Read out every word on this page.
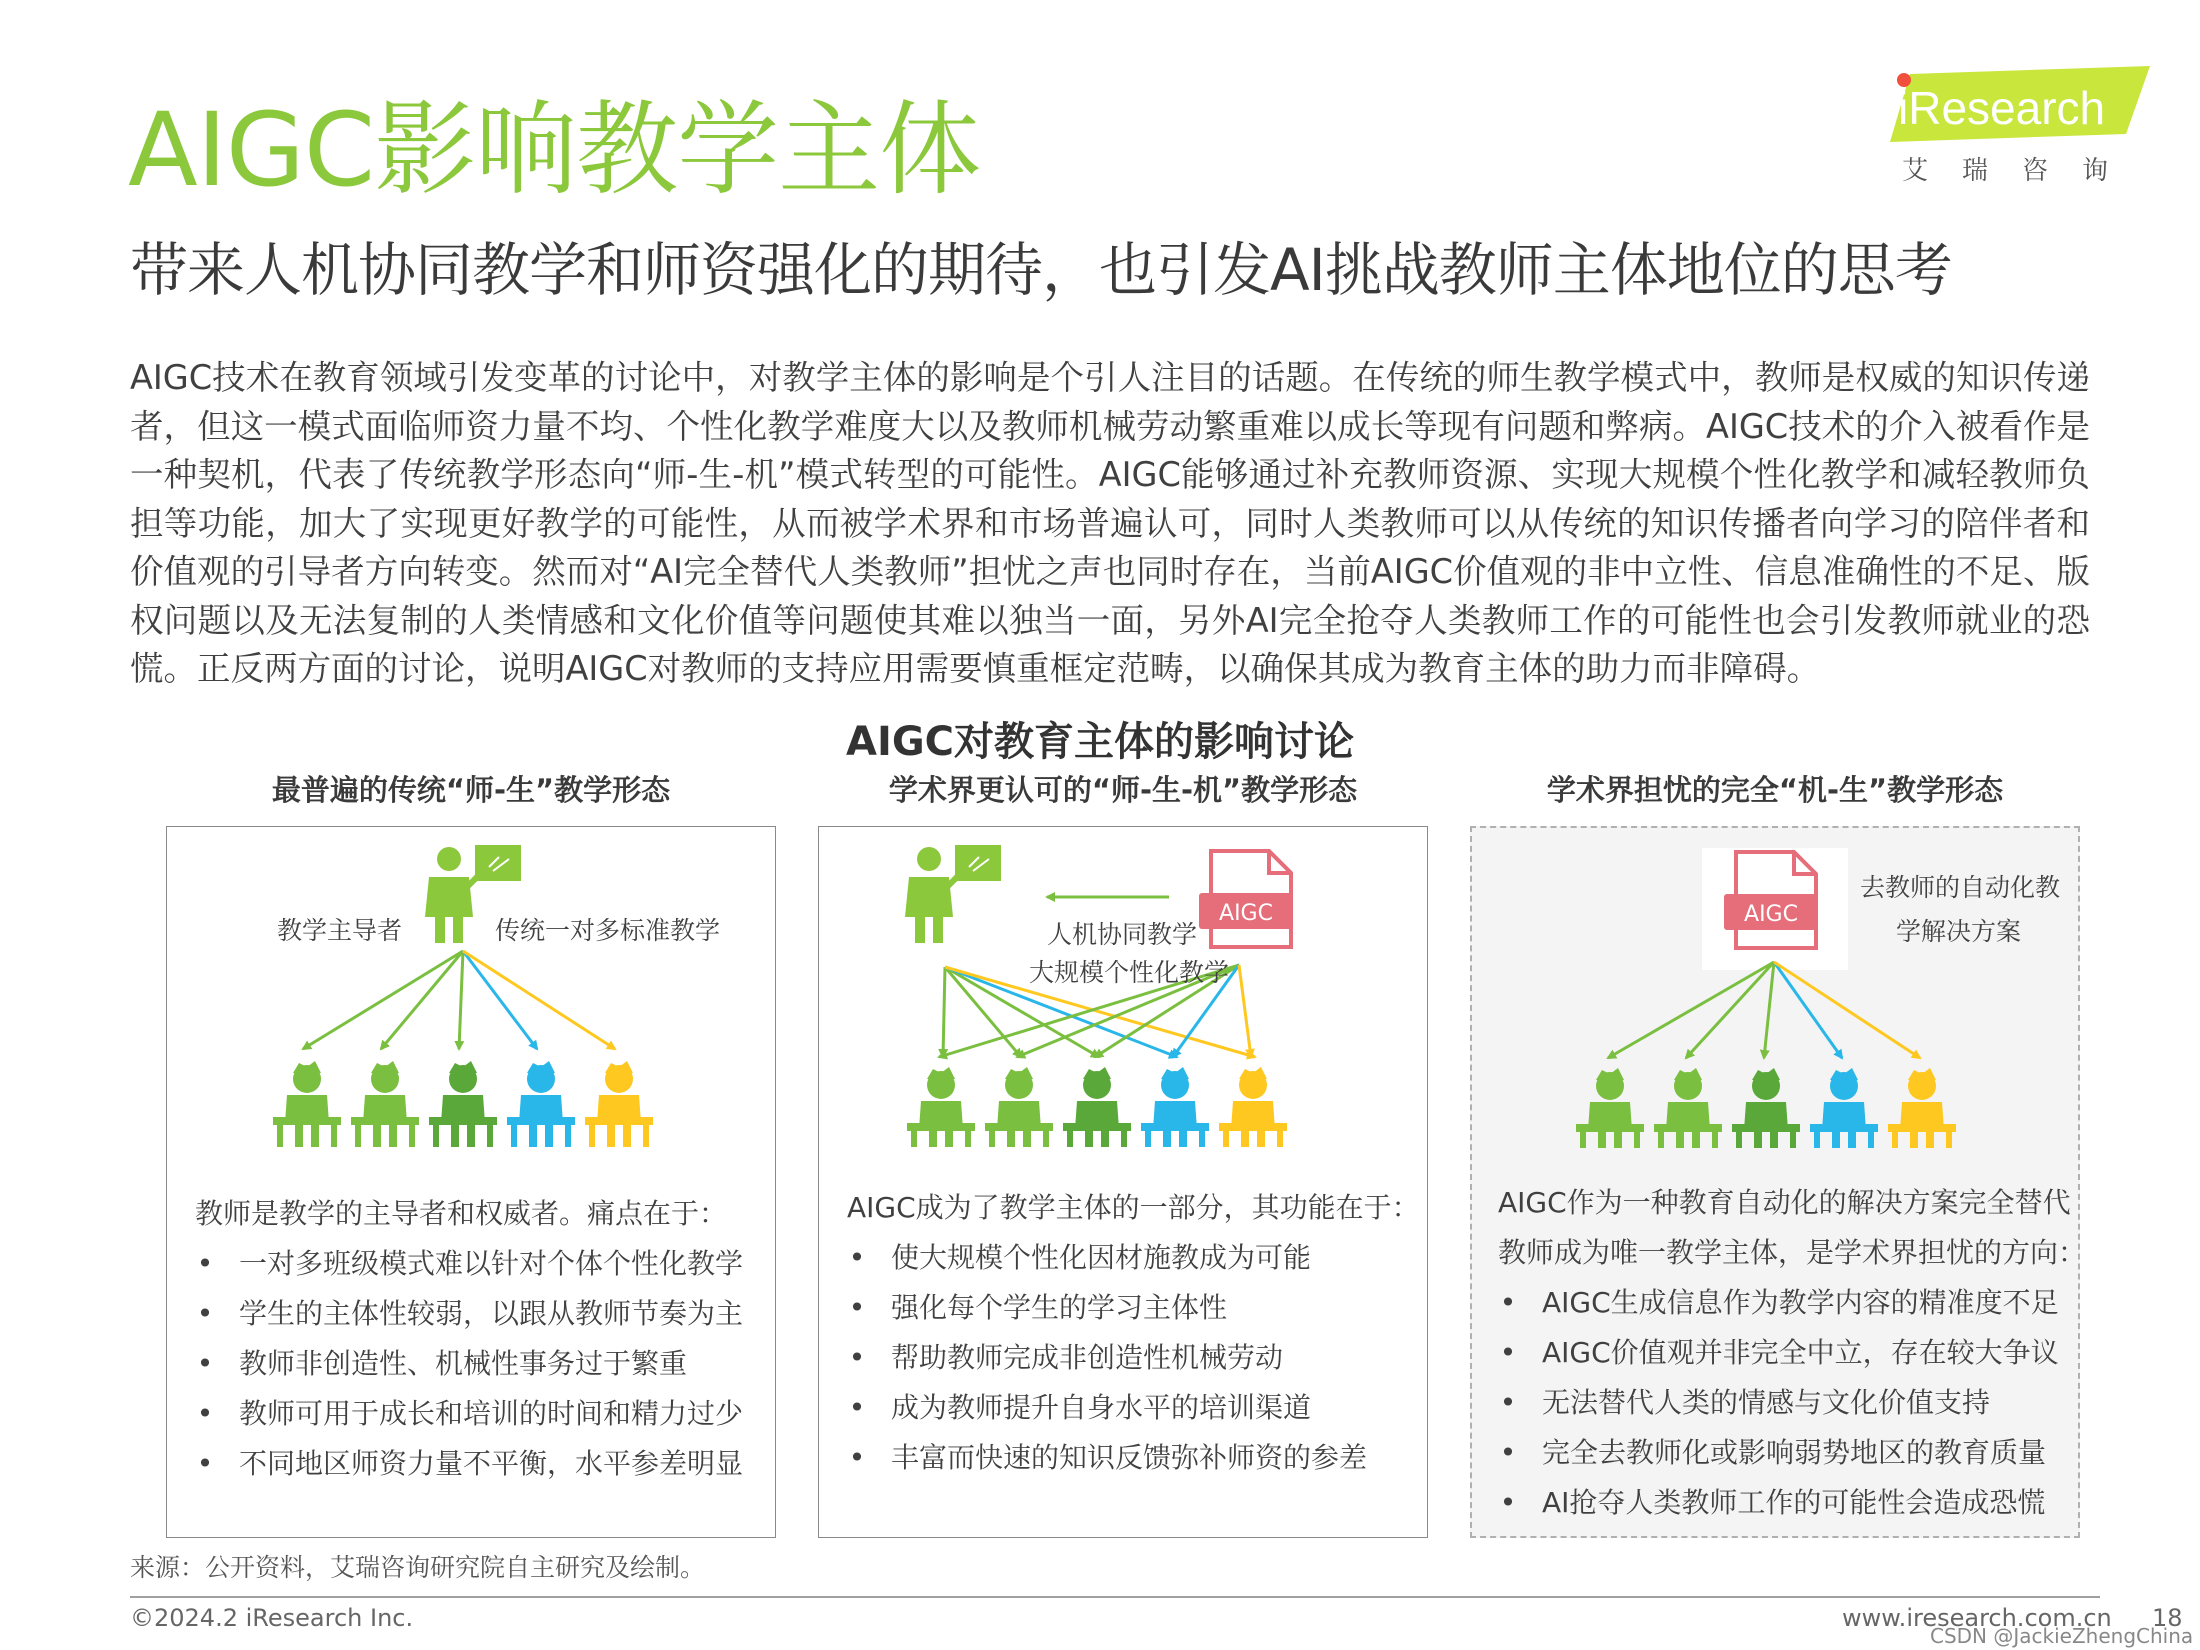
AIGC影响教学主体
带来人机协同教学和师资强化的期待，也引发AI挑战教师主体地位的思考
iResearch
艾瑞咨询
AIGC技术在教育领域引发变革的讨论中，对教学主体的影响是个引人注目的话题。在传统的师生教学模式中，教师是权威的知识传递者，但这一模式面临师资力量不均、个性化教学难度大以及教师机械劳动繁重难以成长等现有问题和弊病。AIGC技术的介入被看作是一种契机，代表了传统教学形态向“师-生-机”模式转型的可能性。AIGC能够通过补充教师资源、实现大规模个性化教学和减轻教师负担等功能，加大了实现更好教学的可能性，从而被学术界和市场普遍认可，同时人类教师可以从传统的知识传播者向学习的陪伴者和价值观的引导者方向转变。然而对“AI完全替代人类教师”担忧之声也同时存在，当前AIGC价值观的非中立性、信息准确性的不足、版权问题以及无法复制的人类情感和文化价值等问题使其难以独当一面，另外AI完全抢夺人类教师工作的可能性也会引发教师就业的恐慌。正反两方面的讨论，说明AIGC对教师的支持应用需要慎重框定范畴，以确保其成为教育主体的助力而非障碍。
AIGC对教育主体的影响讨论
最普遍的传统“师-生”教学形态	学术界更认可的“师-生-机”教学形态	学术界担忧的完全“机-生”教学形态
教学主导者	传统一对多标准教学
教师是教学的主导者和权威者。痛点在于：
• 一对多班级模式难以针对个体个性化教学
• 学生的主体性较弱，以跟从教师节奏为主
• 教师非创造性、机械性事务过于繁重
• 教师可用于成长和培训的时间和精力过少
• 不同地区师资力量不平衡，水平参差明显
AIGC
人机协同教学
大规模个性化教学
AIGC成为了教学主体的一部分，其功能在于：
• 使大规模个性化因材施教成为可能
• 强化每个学生的学习主体性
• 帮助教师完成非创造性机械劳动
• 成为教师提升自身水平的培训渠道
• 丰富而快速的知识反馈弥补师资的参差
AIGC
去教师的自动化教
学解决方案
AIGC作为一种教育自动化的解决方案完全替代
教师成为唯一教学主体，是学术界担忧的方向：
• AIGC生成信息作为教学内容的精准度不足
• AIGC价值观并非完全中立，存在较大争议
• 无法替代人类的情感与文化价值支持
• 完全去教师化或影响弱势地区的教育质量
• AI抢夺人类教师工作的可能性会造成恐慌
来源：公开资料，艾瑞咨询研究院自主研究及绘制。
©2024.2 iResearch Inc.	www.iresearch.com.cn 18
CSDN @JackieZhengChina
